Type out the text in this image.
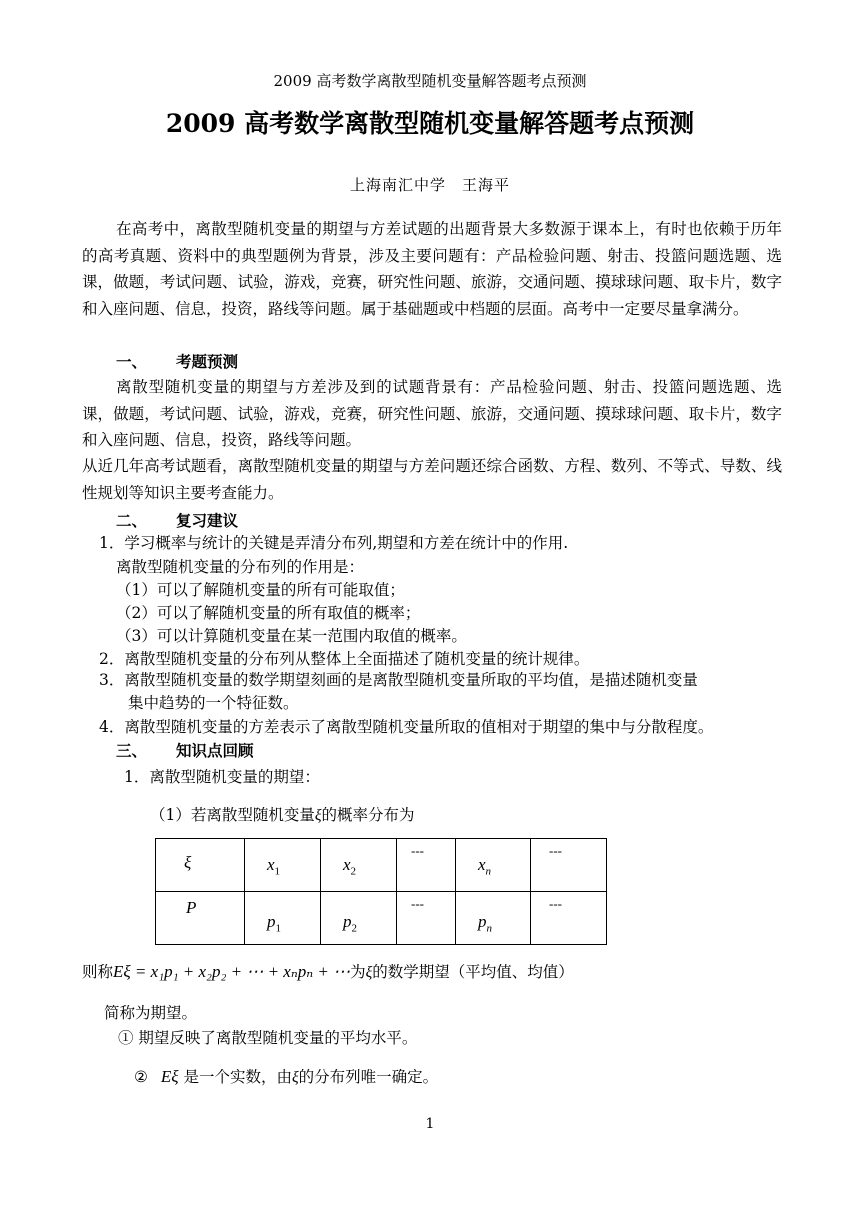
2009 高考数学离散型随机变量解答题考点预测
2009 高考数学离散型随机变量解答题考点预测
上海南汇中学　王海平
在高考中，离散型随机变量的期望与方差试题的出题背景大多数源于课本上，有时也依赖于历年的高考真题、资料中的典型题例为背景，涉及主要问题有：产品检验问题、射击、投篮问题选题、选课，做题，考试问题、试验，游戏，竞赛，研究性问题、旅游，交通问题、摸球球问题、取卡片，数字和入座问题、信息，投资，路线等问题。属于基础题或中档题的层面。高考中一定要尽量拿满分。
一、 考题预测
离散型随机变量的期望与方差涉及到的试题背景有：产品检验问题、射击、投篮问题选题、选课，做题，考试问题、试验，游戏，竞赛，研究性问题、旅游，交通问题、摸球球问题、取卡片，数字和入座问题、信息，投资，路线等问题。
从近几年高考试题看，离散型随机变量的期望与方差问题还综合函数、方程、数列、不等式、导数、线性规划等知识主要考查能力。
二、 复习建议
1．学习概率与统计的关键是弄清分布列,期望和方差在统计中的作用.
离散型随机变量的分布列的作用是：
（1）可以了解随机变量的所有可能取值；
（2）可以了解随机变量的所有取值的概率；
（3）可以计算随机变量在某一范围内取值的概率。
2．离散型随机变量的分布列从整体上全面描述了随机变量的统计规律。
3．离散型随机变量的数学期望刻画的是离散型随机变量所取的平均值，是描述随机变量
集中趋势的一个特征数。
4．离散型随机变量的方差表示了离散型随机变量所取的值相对于期望的集中与分散程度。
三、 知识点回顾
1．离散型随机变量的期望：
（1）若离散型随机变量ξ的概率分布为
ξ	$x_1$	$x_2$	---	$x_n$	---

P	$p_1$	$p_2$	---	$p_n$	---
则称Eξ = x₁p₁ + x₂p₂ + ⋯ + xₙpₙ + ⋯为ξ的数学期望（平均值、均值）
简称为期望。
① 期望反映了离散型随机变量的平均水平。
② Eξ 是一个实数，由ξ的分布列唯一确定。
1
